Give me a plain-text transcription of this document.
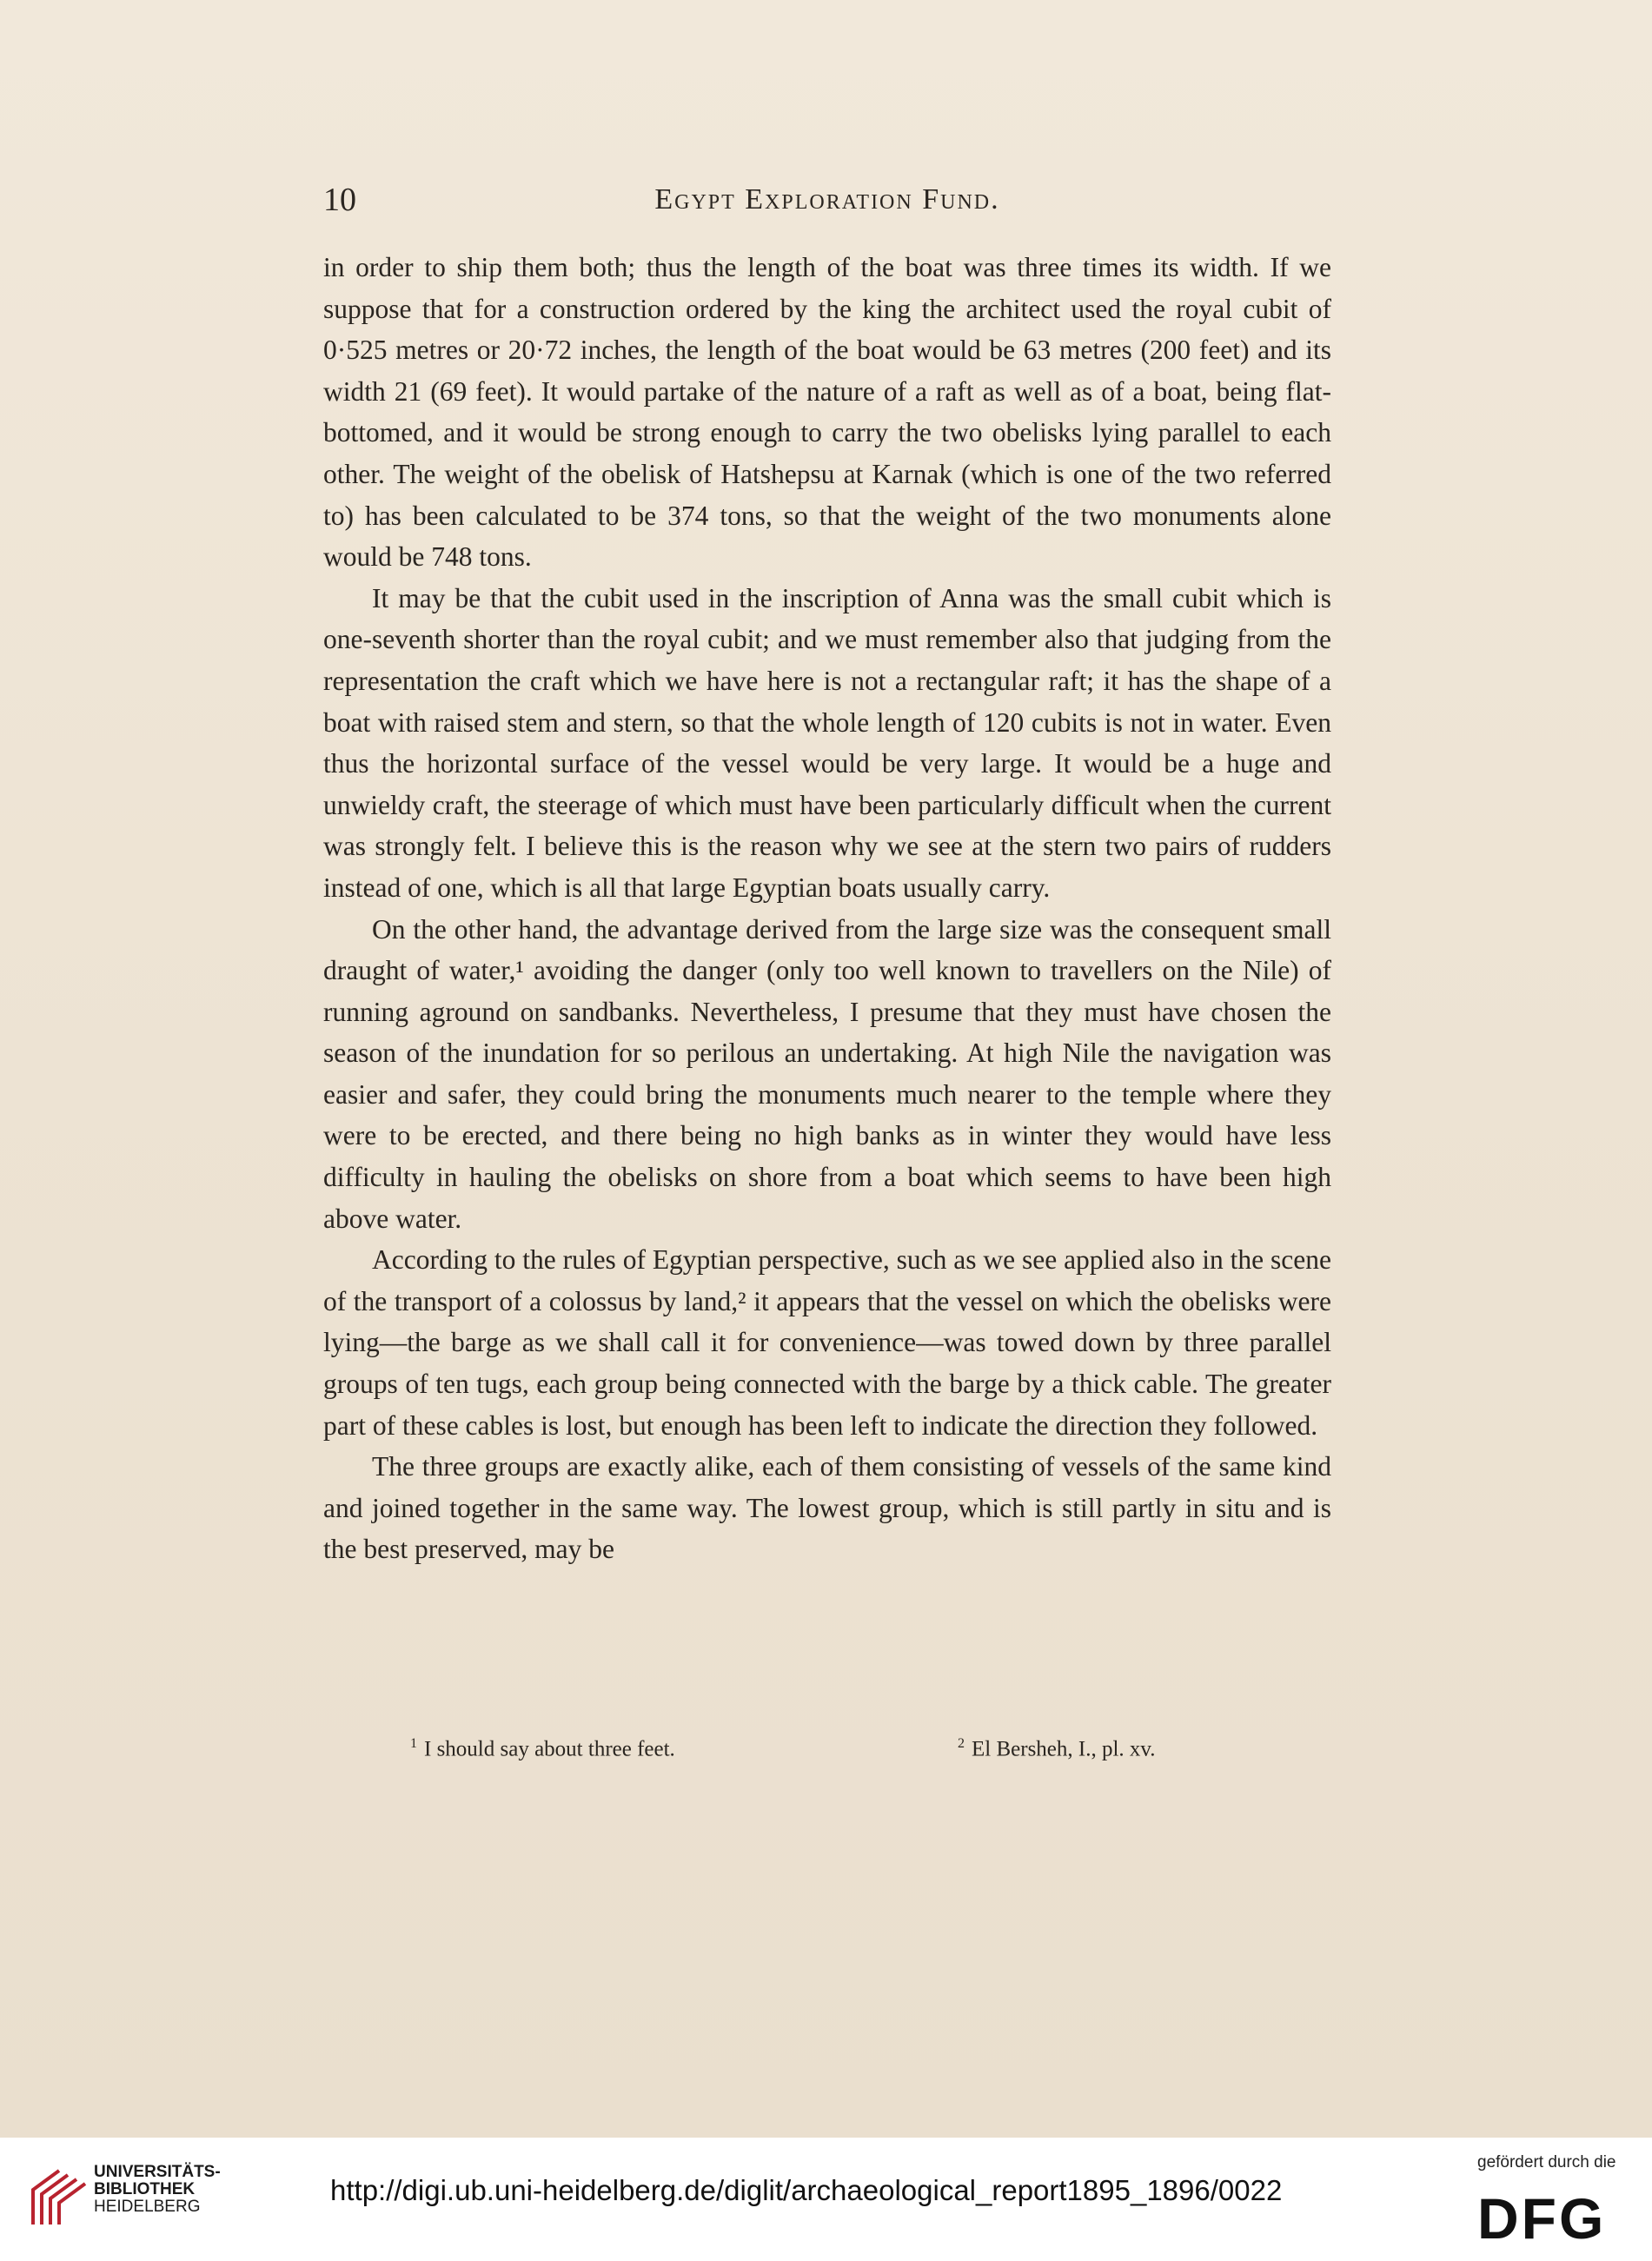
10	Egypt Exploration Fund.

in order to ship them both; thus the length of the boat was three times its width. If we suppose that for a construction ordered by the king the architect used the royal cubit of 0·525 metres or 20·72 inches, the length of the boat would be 63 metres (200 feet) and its width 21 (69 feet). It would partake of the nature of a raft as well as of a boat, being flat-bottomed, and it would be strong enough to carry the two obelisks lying parallel to each other. The weight of the obelisk of Hatshepsu at Karnak (which is one of the two referred to) has been calculated to be 374 tons, so that the weight of the two monuments alone would be 748 tons.

It may be that the cubit used in the inscription of Anna was the small cubit which is one-seventh shorter than the royal cubit; and we must remember also that judging from the representation the craft which we have here is not a rectangular raft; it has the shape of a boat with raised stem and stern, so that the whole length of 120 cubits is not in water. Even thus the horizontal surface of the vessel would be very large. It would be a huge and unwieldy craft, the steerage of which must have been particularly difficult when the current was strongly felt. I believe this is the reason why we see at the stern two pairs of rudders instead of one, which is all that large Egyptian boats usually carry.

On the other hand, the advantage derived from the large size was the consequent small draught of water,¹ avoiding the danger (only too well known to travellers on the Nile) of running aground on sandbanks. Nevertheless, I presume that they must have chosen the season of the inundation for so perilous an undertaking. At high Nile the navigation was easier and safer, they could bring the monuments much nearer to the temple where they were to be erected, and there being no high banks as in winter they would have less difficulty in hauling the obelisks on shore from a boat which seems to have been high above water.

According to the rules of Egyptian perspective, such as we see applied also in the scene of the transport of a colossus by land,² it appears that the vessel on which the obelisks were lying—the barge as we shall call it for convenience—was towed down by three parallel groups of ten tugs, each group being connected with the barge by a thick cable. The greater part of these cables is lost, but enough has been left to indicate the direction they followed.

The three groups are exactly alike, each of them consisting of vessels of the same kind and joined together in the same way. The lowest group, which is still partly in situ and is the best preserved, may be

$^1$ I should say about three feet.	$^2$ El Bersheh, I., pl. xv.
UNIVERSITÄTS-
BIBLIOTHEK
HEIDELBERG
http://digi.ub.uni-heidelberg.de/diglit/archaeological_report1895_1896/0022
gefördert durch die
DFG
